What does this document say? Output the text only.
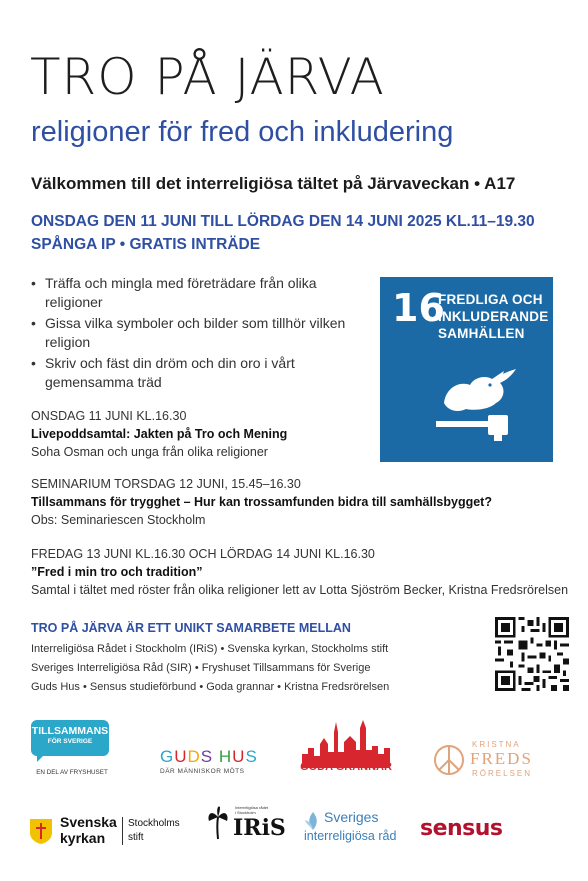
TRO PÅ JÄRVA
religioner för fred och inkludering
Välkommen till det interreligiösa tältet på Järvaveckan • A17
ONSDAG DEN 11 JUNI TILL LÖRDAG DEN 14 JUNI 2025 KL.11–19.30
SPÅNGA IP • GRATIS INTRÄDE
• Träffa och mingla med företrädare från olika religioner
• Gissa vilka symboler och bilder som tillhör vilken religion
• Skriv och fäst din dröm och din oro i vårt gemensamma träd
16
FREDLIGA OCH
INKLUDERANDE
SAMHÄLLEN
ONSDAG 11 JUNI KL.16.30
Livepoddsamtal: Jakten på Tro och Mening
Soha Osman och unga från olika religioner
SEMINARIUM TORSDAG 12 JUNI, 15.45–16.30
Tillsammans för trygghet – Hur kan trossamfunden bidra till samhällsbygget?
Obs: Seminariescen Stockholm
FREDAG 13 JUNI KL.16.30 OCH LÖRDAG 14 JUNI KL.16.30
”Fred i min tro och tradition”
Samtal i tältet med röster från olika religioner lett av Lotta Sjöström Becker, Kristna Fredsrörelsen
TRO PÅ JÄRVA ÄR ETT UNIKT SAMARBETE MELLAN
Interreligiösa Rådet i Stockholm (IRiS) • Svenska kyrkan, Stockholms stift
Sveriges Interreligiösa Råd (SIR) • Fryshuset Tillsammans för Sverige
Guds Hus • Sensus studieförbund • Goda grannar • Kristna Fredsrörelsen
TILLSAMMANS
FÖR SVERIGE
EN DEL AV FRYSHUSET
GUDS HUS
DÄR MÄNNISKOR MÖTS	GODA GRANNAR
KRISTNA
FREDS
RÖRELSEN
Svenska
kyrkan
Stockholms
stift
Interreligiösa rådet
i Stockholm
IRiS	Sveriges
interreligiösa råd sensus
